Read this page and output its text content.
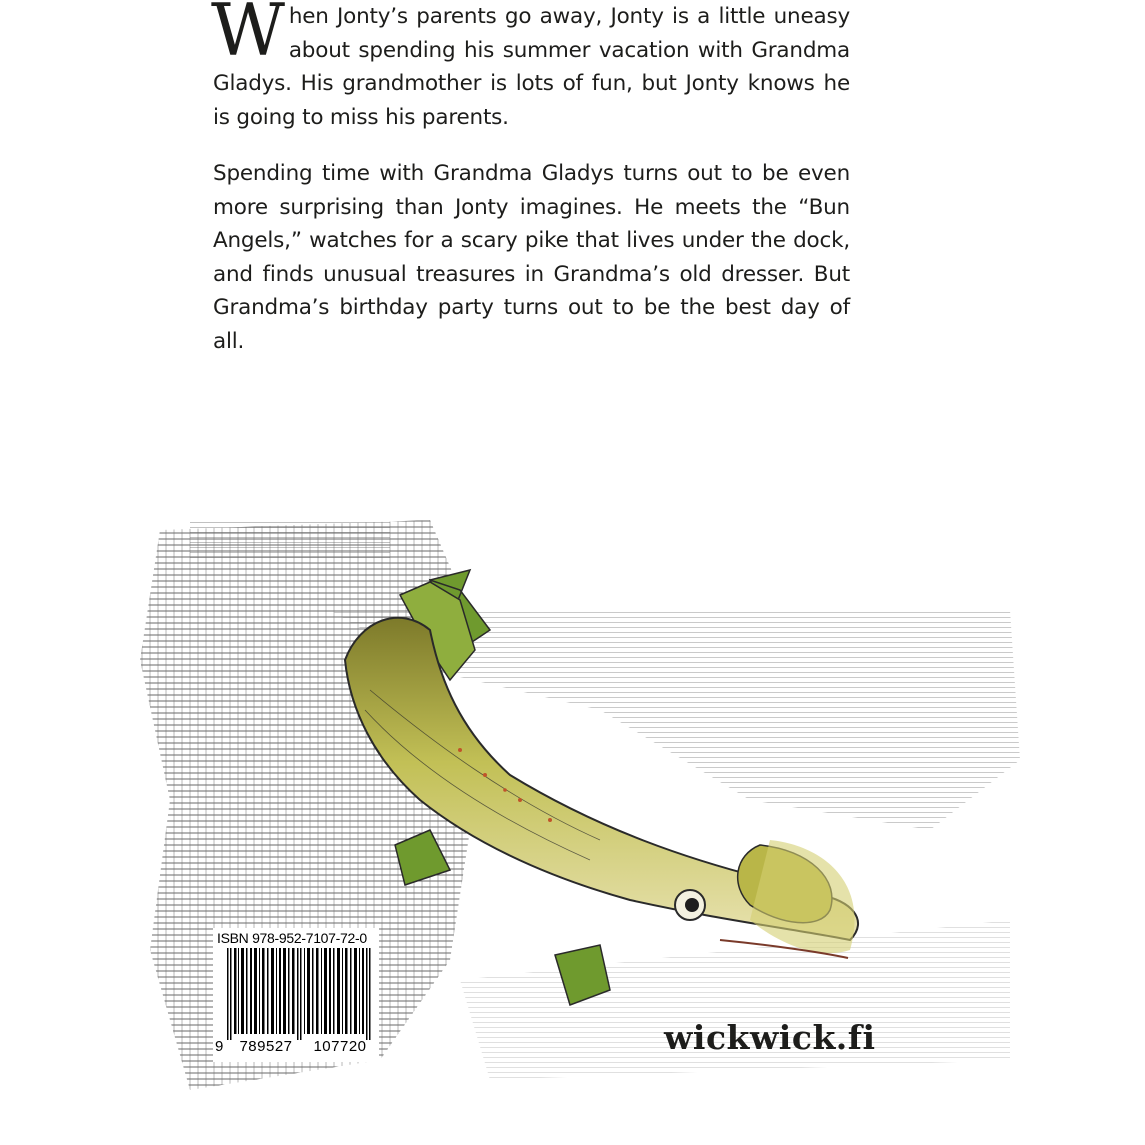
When Jonty’s parents go away, Jonty is a little uneasy about spending his summer vacation with Grandma Gladys. His grandmother is lots of fun, but Jonty knows he is going to miss his parents.

Spending time with Grandma Gladys turns out to be even more surprising than Jonty imagines. He meets the “Bun Angels,” watches for a scary pike that lives under the dock, and finds unusual treasures in Grandma’s old dresser. But Grandma’s birthday party turns out to be the best day of all.

ISBN 978-952-7107-72-0
9	789527	107720	wickwick.fi
